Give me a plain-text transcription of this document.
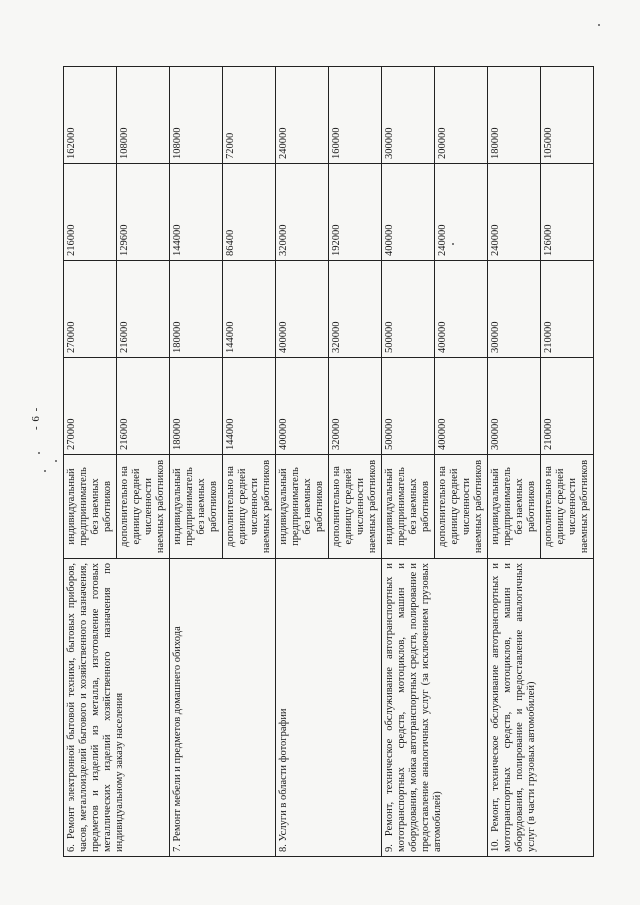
- 6 -
6. Ремонт электронной бытовой техники, бытовых приборов, часов, металлоизделий бытового и хозяйственного назначения, предметов и изделий из металла, изготовление готовых металлических изделий хозяйственного назначения по индивидуальному заказу населения	индивидуальный предприниматель без наемных работников	270000	270000	216000	162000
	дополнительно на единицу средней численности наемных работников	216000	216000	129600	108000
7. Ремонт мебели и предметов домашнего обихода	индивидуальный предприниматель без наемных работников	180000	180000	144000	108000
	дополнительно на единицу средней численности наемных работников	144000	144000	86400	72000
8. Услуги в области фотографии	индивидуальный предприниматель без наемных работников	400000	400000	320000	240000
	дополнительно на единицу средней численности наемных работников	320000	320000	192000	160000
9. Ремонт, техническое обслуживание автотранспортных и мототранспортных средств, мотоциклов, машин и оборудования, мойка автотранспортных средств, полирование и предоставление аналогичных услуг (за исключением грузовых автомобилей)	индивидуальный предприниматель без наемных работников	500000	500000	400000	300000
	дополнительно на единицу средней численности наемных работников	400000	400000	240000	200000
10. Ремонт, техническое обслуживание автотранспортных и мототранспортных средств, мотоциклов, машин и оборудования, полирование и предоставление аналогичных услуг (в части грузовых автомобилей)	индивидуальный предприниматель без наемных работников	300000	300000	240000	180000
	дополнительно на единицу средней численности наемных работников	210000	210000	126000	105000
